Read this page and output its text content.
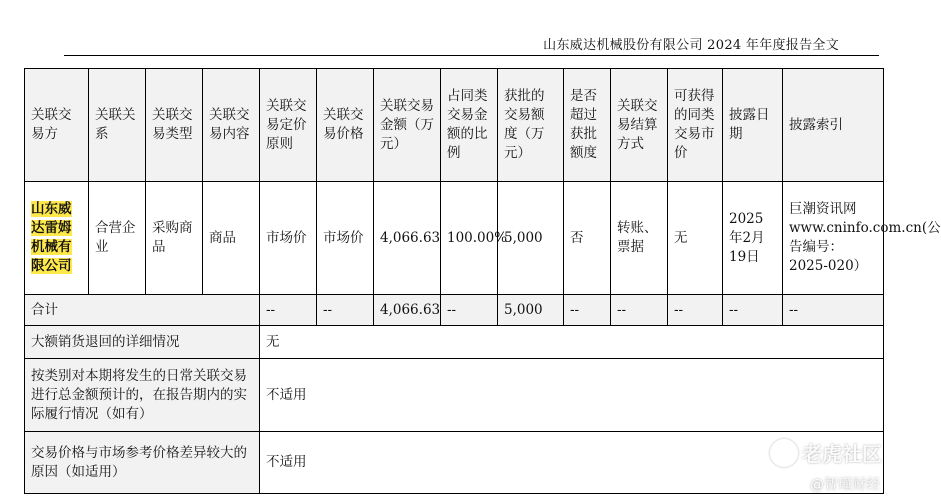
山东威达机械股份有限公司 2024 年年度报告全文
关联交易方	关联关系	关联交易类型	关联交易内容	关联交易定价原则	关联交易价格	关联交易金额（万元）	占同类交易金额的比例	获批的交易额度（万元）	是否超过获批额度	关联交易结算方式	可获得的同类交易市价	披露日期	披露索引
山东威达雷姆机械有限公司	合营企业	采购商品	商品	市场价	市场价	4,066.63	100.00%	5,000	否	转账、票据	无	2025年2月19日	巨潮资讯网www.cninfo.com.cn(公告编号：2025-020）
合计				--	--	4,066.63	--	5,000	--	--	--	--	--
大额销货退回的详细情况				无									
按类别对本期将发生的日常关联交易进行总金额预计的，在报告期内的实际履行情况（如有）				不适用									
交易价格与市场参考价格差异较大的原因（如适用）				不适用										老虎社区
@智瑾财经
